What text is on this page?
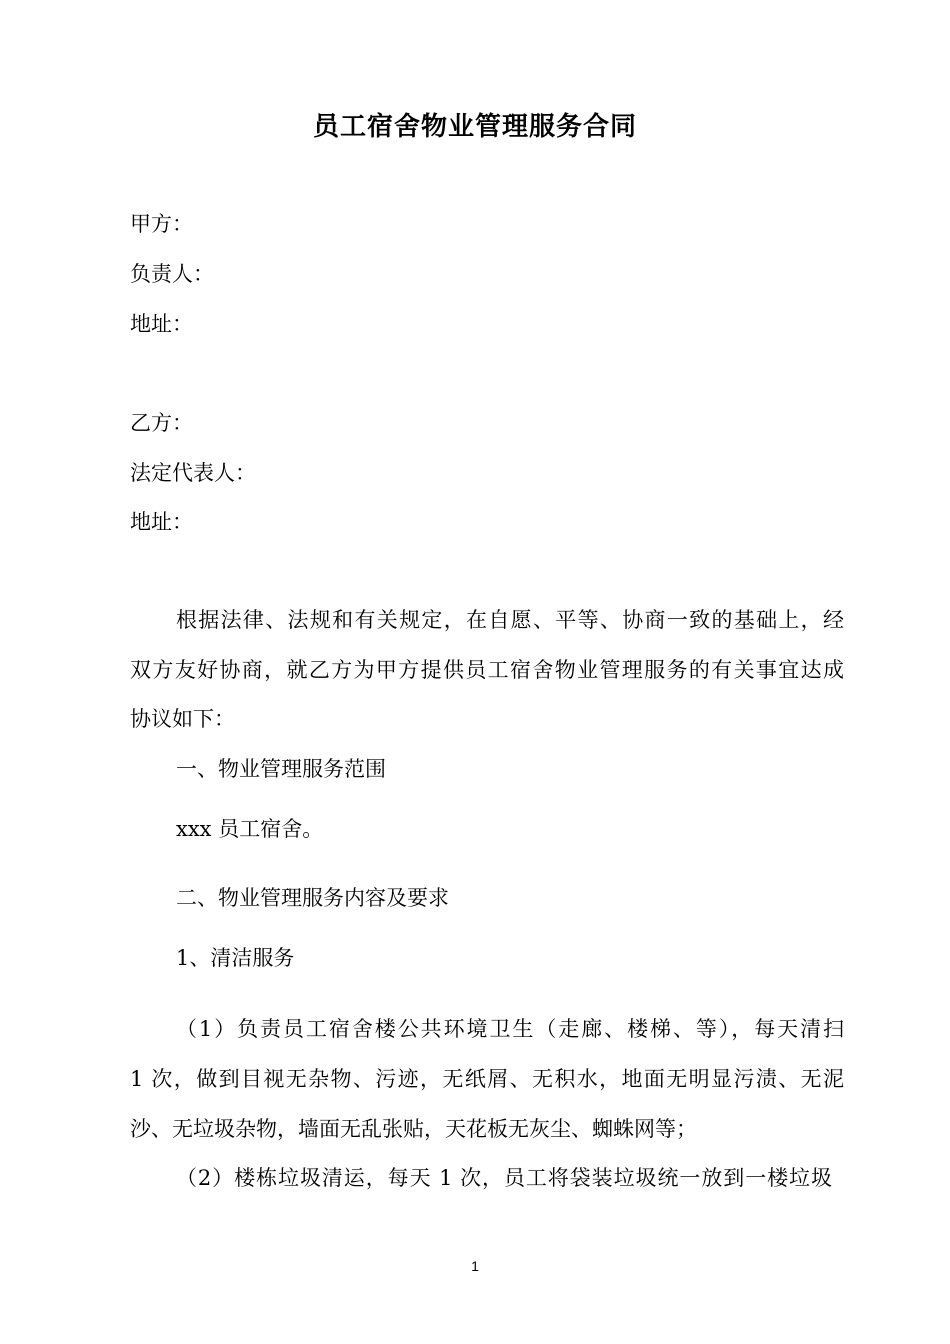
员工宿舍物业管理服务合同

甲方：

负责人：

地址：

乙方：

法定代表人：

地址：

根据法律、法规和有关规定，在自愿、平等、协商一致的基础上，经

双方友好协商，就乙方为甲方提供员工宿舍物业管理服务的有关事宜达成

协议如下：

一、物业管理服务范围

xxx 员工宿舍。

二、物业管理服务内容及要求

1、清洁服务

（1）负责员工宿舍楼公共环境卫生（走廊、楼梯、等），每天清扫

1 次，做到目视无杂物、污迹，无纸屑、无积水，地面无明显污渍、无泥

沙、无垃圾杂物，墙面无乱张贴，天花板无灰尘、蜘蛛网等；

（2）楼栋垃圾清运，每天 1 次，员工将袋装垃圾统一放到一楼垃圾

1
